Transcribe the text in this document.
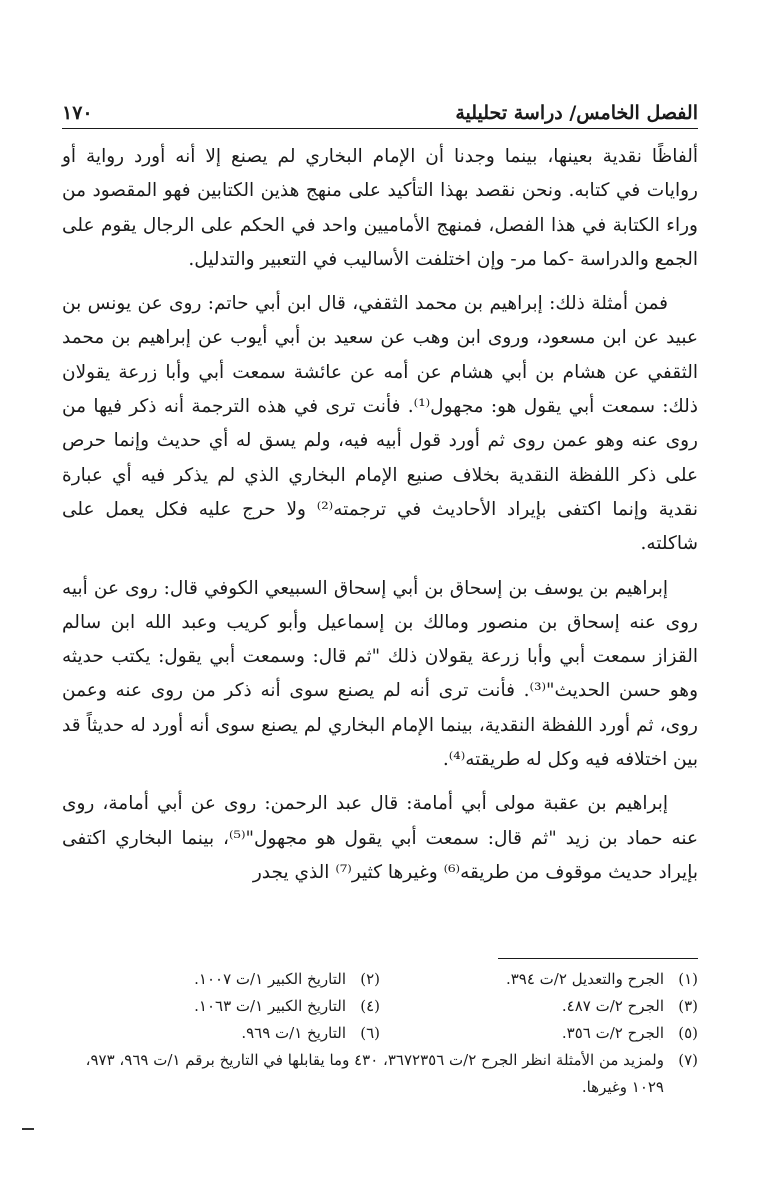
الفصل الخامس/ دراسة تحليلية
١٧٠

ألفاظًا نقدية بعينها، بينما وجدنا أن الإمام البخاري لم يصنع إلا أنه أورد رواية أو روايات في كتابه. ونحن نقصد بهذا التأكيد على منهج هذين الكتابين فهو المقصود من وراء الكتابة في هذا الفصل، فمنهج الأماميين واحد في الحكم على الرجال يقوم على الجمع والدراسة -كما مر- وإن اختلفت الأساليب في التعبير والتدليل.

فمن أمثلة ذلك: إبراهيم بن محمد الثقفي، قال ابن أبي حاتم: روى عن يونس بن عبيد عن ابن مسعود، وروى ابن وهب عن سعيد بن أبي أيوب عن إبراهيم بن محمد الثقفي عن هشام بن أبي هشام عن أمه عن عائشة سمعت أبي وأبا زرعة يقولان ذلك: سمعت أبي يقول هو: مجهول⁽¹⁾. فأنت ترى في هذه الترجمة أنه ذكر فيها من روى عنه وهو عمن روى ثم أورد قول أبيه فيه، ولم يسق له أي حديث وإنما حرص على ذكر اللفظة النقدية بخلاف صنيع الإمام البخاري الذي لم يذكر فيه أي عبارة نقدية وإنما اكتفى بإيراد الأحاديث في ترجمته⁽²⁾ ولا حرج عليه فكل يعمل على شاكلته.

إبراهيم بن يوسف بن إسحاق بن أبي إسحاق السبيعي الكوفي قال: روى عن أبيه روى عنه إسحاق بن منصور ومالك بن إسماعيل وأبو كريب وعبد الله ابن سالم القزاز سمعت أبي وأبا زرعة يقولان ذلك "ثم قال: وسمعت أبي يقول: يكتب حديثه وهو حسن الحديث"⁽³⁾. فأنت ترى أنه لم يصنع سوى أنه ذكر من روى عنه وعمن روى، ثم أورد اللفظة النقدية، بينما الإمام البخاري لم يصنع سوى أنه أورد له حديثاً قد بين اختلافه فيه وكل له طريقته⁽⁴⁾.

إبراهيم بن عقبة مولى أبي أمامة: قال عبد الرحمن: روى عن أبي أمامة، روى عنه حماد بن زيد "ثم قال: سمعت أبي يقول هو مجهول"⁽⁵⁾، بينما البخاري اكتفى بإيراد حديث موقوف من طريقه⁽⁶⁾ وغيرها كثير⁽⁷⁾ الذي يجدر

(١)
الجرح والتعديل ٢/ت ٣٩٤.
(٢)
التاريخ الكبير ١/ت ١٠٠٧.
(٣)
الجرح ٢/ت ٤٨٧.
(٤)
التاريخ الكبير ١/ت ١٠٦٣.
(٥)
الجرح ٢/ت ٣٥٦.
(٦)
التاريخ ١/ت ٩٦٩.
(٧)
ولمزيد من الأمثلة انظر الجرح ٢/ت ٣٦٧٢٣٥٦، ٤٣٠ وما يقابلها في التاريخ برقم ١/ت ٩٦٩، ٩٧٣، ١٠٢٩ وغيرها.
